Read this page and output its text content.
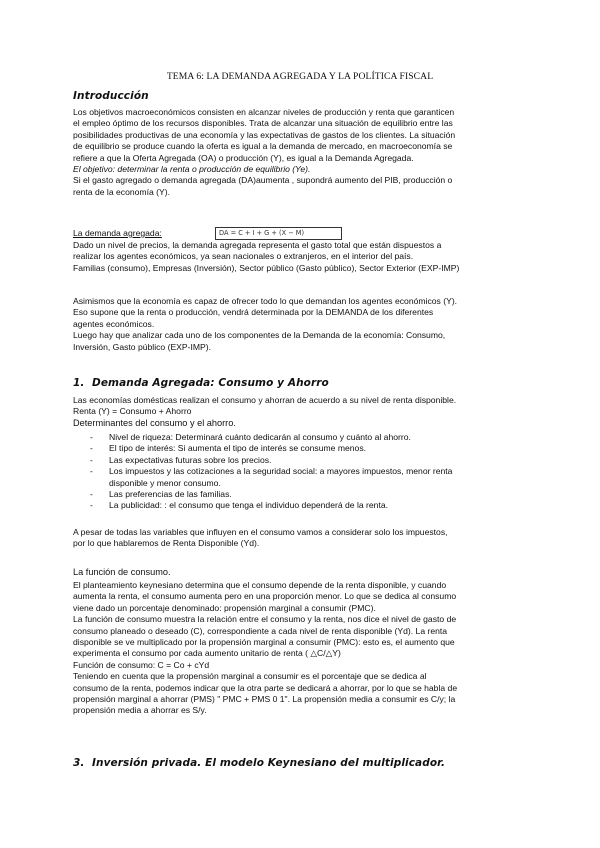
TEMA 6: LA DEMANDA AGREGADA Y LA POLÍTICA FISCAL
Introducción
Los objetivos macroeconómicos consisten en alcanzar niveles de producción y renta que garanticen
el empleo óptimo de los recursos disponibles. Trata de alcanzar una situación de equilibrio entre las
posibilidades productivas de una economía y las expectativas de gastos de los clientes. La situación
de equilibrio se produce cuando la oferta es igual a la demanda de mercado, en macroeconomía se
refiere a que la Oferta Agregada (OA) o producción (Y), es igual a la Demanda Agregada.
El objetivo: determinar la renta o producción de equilibrio (Ye).
Si el gasto agregado o demanda agregada (DA)aumenta , supondrá aumento del PIB, producción o
renta de la economía (Y).
La demanda agregada:	DA = C + I + G + (X − M)
Dado un nivel de precios, la demanda agregada representa el gasto total que están dispuestos a
realizar los agentes económicos, ya sean nacionales o extranjeros, en el interior del país.
Familias (consumo), Empresas (Inversión), Sector público (Gasto público), Sector Exterior (EXP-IMP)
Asimismos que la economía es capaz de ofrecer todo lo que demandan los agentes económicos (Y).
Eso supone que la renta o producción, vendrá determinada por la DEMANDA de los diferentes
agentes económicos.
Luego hay que analizar cada uno de los componentes de la Demanda de la economía: Consumo,
Inversión, Gasto público (EXP-IMP).
1. Demanda Agregada: Consumo y Ahorro
Las economías domésticas realizan el consumo y ahorran de acuerdo a su nivel de renta disponible.
Renta (Y) = Consumo + Ahorro
Determinantes del consumo y el ahorro.
- Nivel de riqueza: Determinará cuánto dedicarán al consumo y cuánto al ahorro.
- El tipo de interés: Si aumenta el tipo de interés se consume menos.
- Las expectativas futuras sobre los precios.
- Los impuestos y las cotizaciones a la seguridad social: a mayores impuestos, menor renta
disponible y menor consumo.
- Las preferencias de las familias.
- La publicidad: : el consumo que tenga el individuo dependerá de la renta.
A pesar de todas las variables que influyen en el consumo vamos a considerar solo los impuestos,
por lo que hablaremos de Renta Disponible (Yd).
La función de consumo.
El planteamiento keynesiano determina que el consumo depende de la renta disponible, y cuando
aumenta la renta, el consumo aumenta pero en una proporción menor. Lo que se dedica al consumo
viene dado un porcentaje denominado: propensión marginal a consumir (PMC).
La función de consumo muestra la relación entre el consumo y la renta, nos dice el nivel de gasto de
consumo planeado o deseado (C), correspondiente a cada nivel de renta disponible (Yd). La renta
disponible se ve multiplicado por la propensión marginal a consumir (PMC): esto es, el aumento que
experimenta el consumo por cada aumento unitario de renta ( △C/△Y)
Función de consumo: C = Co + cYd
Teniendo en cuenta que la propensión marginal a consumir es el porcentaje que se dedica al
consumo de la renta, podemos indicar que la otra parte se dedicará a ahorrar, por lo que se habla de
propensión marginal a ahorrar (PMS) " PMC + PMS 0 1". La propensión media a consumir es C/y; la
propensión media a ahorrar es S/y.
3. Inversión privada. El modelo Keynesiano del multiplicador.
